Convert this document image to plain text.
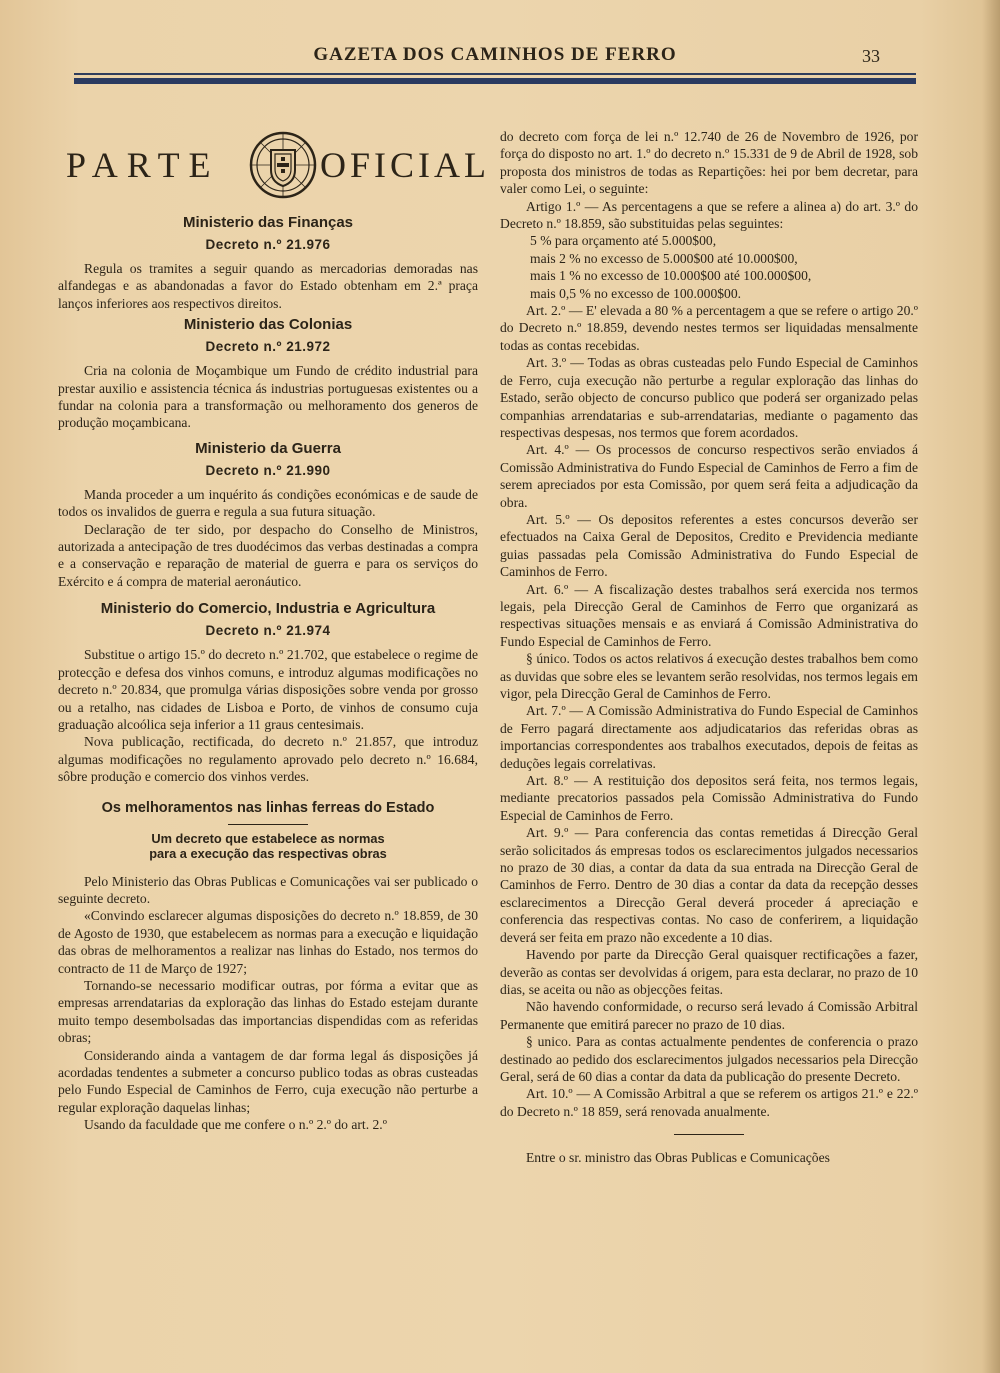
GAZETA DOS CAMINHOS DE FERRO	33
PARTE	OFICIAL
Ministerio das Finanças
Decreto n.º 21.976

Regula os tramites a seguir quando as mercadorias demoradas nas alfandegas e as abandonadas a favor do Estado obtenham em 2.ª praça lanços inferiores aos respectivos direitos.

Ministerio das Colonias
Decreto n.º 21.972

Cria na colonia de Moçambique um Fundo de crédito industrial para prestar auxilio e assistencia técnica ás industrias portuguesas existentes ou a fundar na colonia para a transformação ou melhoramento dos generos de produção moçambicana.

Ministerio da Guerra
Decreto n.º 21.990

Manda proceder a um inquérito ás condições económicas e de saude de todos os invalidos de guerra e regula a sua futura situação.

Declaração de ter sido, por despacho do Conselho de Ministros, autorizada a antecipação de tres duodécimos das verbas destinadas a compra e a conservação e reparação de material de guerra e para os serviços do Exército e á compra de material aeronáutico.

Ministerio do Comercio, Industria e Agricultura
Decreto n.º 21.974

Substitue o artigo 15.º do decreto n.º 21.702, que estabelece o regime de protecção e defesa dos vinhos comuns, e introduz algumas modificações no decreto n.º 20.834, que promulga várias disposições sobre venda por grosso ou a retalho, nas cidades de Lisboa e Porto, de vinhos de consumo cuja graduação alcoólica seja inferior a 11 graus centesimais.

Nova publicação, rectificada, do decreto n.º 21.857, que introduz algumas modificações no regulamento aprovado pelo decreto n.º 16.684, sôbre produção e comercio dos vinhos verdes.

Os melhoramentos nas linhas ferreas do Estado
Um decreto que estabelece as normas
para a execução das respectivas obras

Pelo Ministerio das Obras Publicas e Comunicações vai ser publicado o seguinte decreto.

«Convindo esclarecer algumas disposições do decreto n.º 18.859, de 30 de Agosto de 1930, que estabelecem as normas para a execução e liquidação das obras de melhoramentos a realizar nas linhas do Estado, nos termos do contracto de 11 de Março de 1927;

Tornando-se necessario modificar outras, por fórma a evitar que as empresas arrendatarias da exploração das linhas do Estado estejam durante muito tempo desembolsadas das importancias dispendidas com as referidas obras;

Considerando ainda a vantagem de dar forma legal ás disposições já acordadas tendentes a submeter a concurso publico todas as obras custeadas pelo Fundo Especial de Caminhos de Ferro, cuja execução não perturbe a regular exploração daquelas linhas;

Usando da faculdade que me confere o n.º 2.º do art. 2.º

do decreto com força de lei n.º 12.740 de 26 de Novembro de 1926, por força do disposto no art. 1.º do decreto n.º 15.331 de 9 de Abril de 1928, sob proposta dos ministros de todas as Repartições: hei por bem decretar, para valer como Lei, o seguinte:

Artigo 1.º — As percentagens a que se refere a alinea a) do art. 3.º do Decreto n.º 18.859, são substituidas pelas seguintes:

5 % para orçamento até 5.000$00,
mais 2 % no excesso de 5.000$00 até 10.000$00,
mais 1 % no excesso de 10.000$00 até 100.000$00,
mais 0,5 % no excesso de 100.000$00.

Art. 2.º — E' elevada a 80 % a percentagem a que se refere o artigo 20.º do Decreto n.º 18.859, devendo nestes termos ser liquidadas mensalmente todas as contas recebidas.

Art. 3.º — Todas as obras custeadas pelo Fundo Especial de Caminhos de Ferro, cuja execução não perturbe a regular exploração das linhas do Estado, serão objecto de concurso publico que poderá ser organizado pelas companhias arrendatarias e sub-arrendatarias, mediante o pagamento das respectivas despesas, nos termos que forem acordados.

Art. 4.º — Os processos de concurso respectivos serão enviados á Comissão Administrativa do Fundo Especial de Caminhos de Ferro a fim de serem apreciados por esta Comissão, por quem será feita a adjudicação da obra.

Art. 5.º — Os depositos referentes a estes concursos deverão ser efectuados na Caixa Geral de Depositos, Credito e Previdencia mediante guias passadas pela Comissão Administrativa do Fundo Especial de Caminhos de Ferro.

Art. 6.º — A fiscalização destes trabalhos será exercida nos termos legais, pela Direcção Geral de Caminhos de Ferro que organizará as respectivas situações mensais e as enviará á Comissão Administrativa do Fundo Especial de Caminhos de Ferro.

§ único. Todos os actos relativos á execução destes trabalhos bem como as duvidas que sobre eles se levantem serão resolvidas, nos termos legais em vigor, pela Direcção Geral de Caminhos de Ferro.

Art. 7.º — A Comissão Administrativa do Fundo Especial de Caminhos de Ferro pagará directamente aos adjudicatarios das referidas obras as importancias correspondentes aos trabalhos executados, depois de feitas as deduções legais correlativas.

Art. 8.º — A restituição dos depositos será feita, nos termos legais, mediante precatorios passados pela Comissão Administrativa do Fundo Especial de Caminhos de Ferro.

Art. 9.º — Para conferencia das contas remetidas á Direcção Geral serão solicitados ás empresas todos os esclarecimentos julgados necessarios no prazo de 30 dias, a contar da data da sua entrada na Direcção Geral de Caminhos de Ferro. Dentro de 30 dias a contar da data da recepção desses esclarecimentos a Direcção Geral deverá proceder á apreciação e conferencia das respectivas contas. No caso de conferirem, a liquidação deverá ser feita em prazo não excedente a 10 dias.

Havendo por parte da Direcção Geral quaisquer rectificações a fazer, deverão as contas ser devolvidas á origem, para esta declarar, no prazo de 10 dias, se aceita ou não as objecções feitas.

Não havendo conformidade, o recurso será levado á Comissão Arbitral Permanente que emitirá parecer no prazo de 10 dias.

§ unico. Para as contas actualmente pendentes de conferencia o prazo destinado ao pedido dos esclarecimentos julgados necessarios pela Direcção Geral, será de 60 dias a contar da data da publicação do presente Decreto.

Art. 10.º — A Comissão Arbitral a que se referem os artigos 21.º e 22.º do Decreto n.º 18 859, será renovada anualmente.

Entre o sr. ministro das Obras Publicas e Comunicações
